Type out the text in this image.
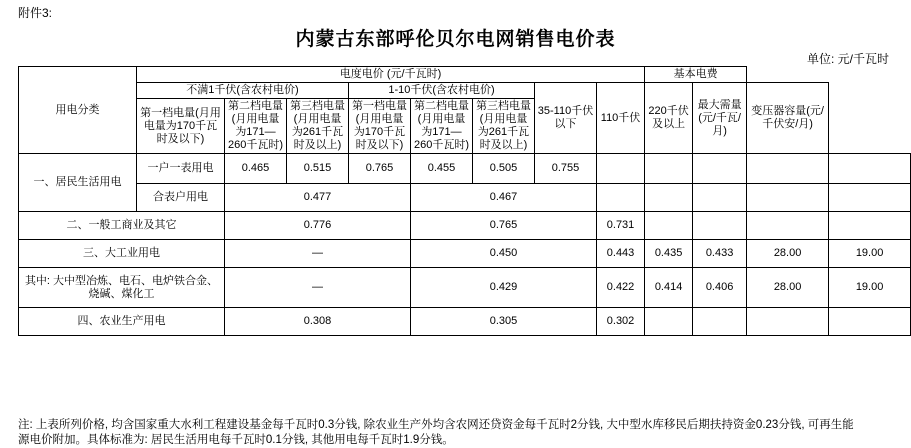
附件3:
内蒙古东部呼伦贝尔电网销售电价表
单位: 元/千瓦时
用电分类	电度电价 (元/千瓦时)								基本电费			
	不满1千伏(含农村电价)			1-10千伏(含农村电价)			35-110千伏以下	110千伏	220千伏及以上	最大需量(元/千瓦/月)	变压器容量(元/千伏安/月)	
	第一档电量(月用电量为170千瓦时及以下)	第二档电量(月用电量为171—260千瓦时)	第三档电量(月用电量为261千瓦时及以上)	第一档电量(月用电量为170千瓦时及以下)	第二档电量(月用电量为171—260千瓦时)	第三档电量(月用电量为261千瓦时及以上)						

一、居民生活用电	一户一表用电	0.465	0.515	0.765	0.455	0.505	0.755					
	合表户用电	0.477			0.467							
二、一般工商业及其它		0.776			0.765			0.731				
三、大工业用电		—			0.450			0.443	0.435	0.433	28.00	19.00
其中: 大中型冶炼、电石、电炉铁合金、烧碱、煤化工		—			0.429			0.422	0.414	0.406	28.00	19.00
四、农业生产用电		0.308			0.305			0.302				

注: 上表所列价格, 均含国家重大水利工程建设基金每千瓦时0.3分钱, 除农业生产外均含农网还贷资金每千瓦时2分钱, 大中型水库移民后期扶持资金0.23分钱, 可再生能

源电价附加。具体标准为: 居民生活用电每千瓦时0.1分钱, 其他用电每千瓦时1.9分钱。
